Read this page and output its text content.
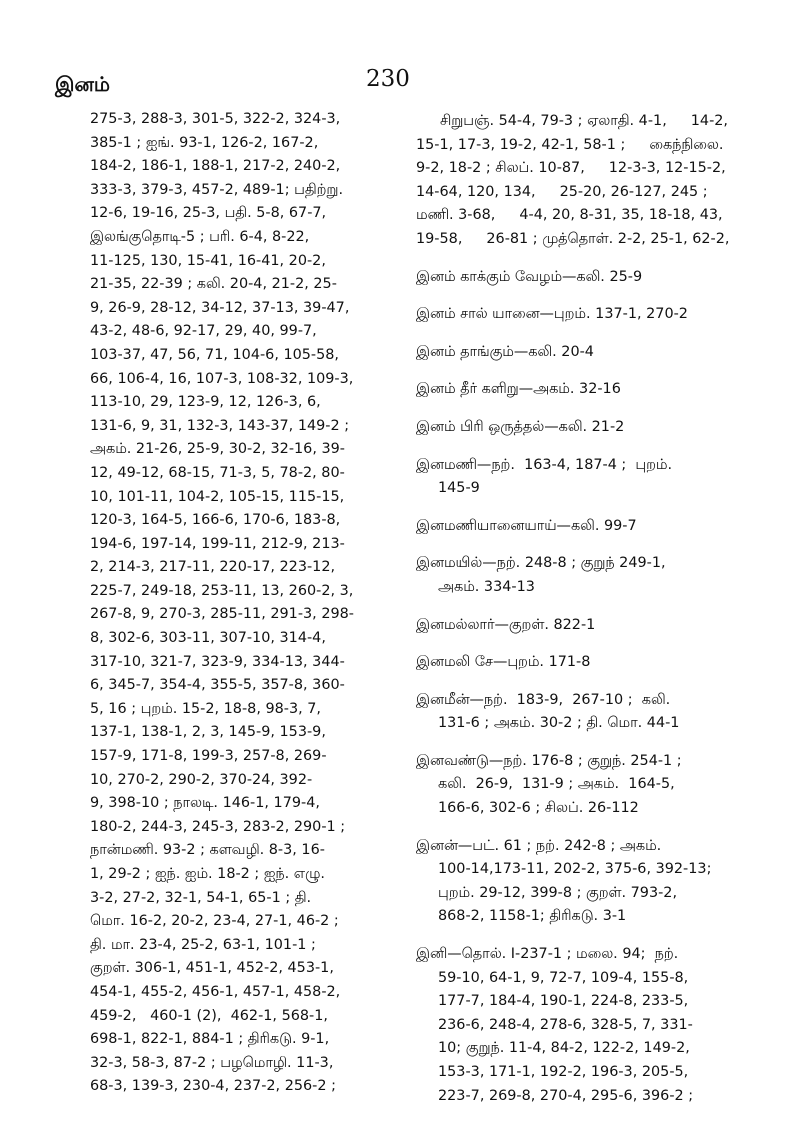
இனம்	230
275-3, 288-3, 301-5, 322-2, 324-3,
385-1 ; ஐங். 93-1, 126-2, 167-2,
184-2, 186-1, 188-1, 217-2, 240-2,
333-3, 379-3, 457-2, 489-1; பதிற்று.
12-6, 19-16, 25-3, பதி. 5-8, 67-7,
இலங்குதொடி-5 ; பரி. 6-4, 8-22,
11-125, 130, 15-41, 16-41, 20-2,
21-35, 22-39 ; கலி. 20-4, 21-2, 25-
9, 26-9, 28-12, 34-12, 37-13, 39-47,
43-2, 48-6, 92-17, 29, 40, 99-7,
103-37, 47, 56, 71, 104-6, 105-58,
66, 106-4, 16, 107-3, 108-32, 109-3,
113-10, 29, 123-9, 12, 126-3, 6,
131-6, 9, 31, 132-3, 143-37, 149-2 ;
அகம். 21-26, 25-9, 30-2, 32-16, 39-
12, 49-12, 68-15, 71-3, 5, 78-2, 80-
10, 101-11, 104-2, 105-15, 115-15,
120-3, 164-5, 166-6, 170-6, 183-8,
194-6, 197-14, 199-11, 212-9, 213-
2, 214-3, 217-11, 220-17, 223-12,
225-7, 249-18, 253-11, 13, 260-2, 3,
267-8, 9, 270-3, 285-11, 291-3, 298-
8, 302-6, 303-11, 307-10, 314-4,
317-10, 321-7, 323-9, 334-13, 344-
6, 345-7, 354-4, 355-5, 357-8, 360-
5, 16 ; புறம். 15-2, 18-8, 98-3, 7,
137-1, 138-1, 2, 3, 145-9, 153-9,
157-9, 171-8, 199-3, 257-8, 269-
10, 270-2, 290-2, 370-24, 392-
9, 398-10 ; நாலடி. 146-1, 179-4,
180-2, 244-3, 245-3, 283-2, 290-1 ;
நான்மணி. 93-2 ; களவழி. 8-3, 16-
1, 29-2 ; ஐந். ஐம். 18-2 ; ஐந். எழு.
3-2, 27-2, 32-1, 54-1, 65-1 ; தி.
மொ. 16-2, 20-2, 23-4, 27-1, 46-2 ;
தி. மா. 23-4, 25-2, 63-1, 101-1 ;
குறள். 306-1, 451-1, 452-2, 453-1,
454-1, 455-2, 456-1, 457-1, 458-2,
459-2,   460-1 (2),  462-1, 568-1,
698-1, 822-1, 884-1 ; திரிகடு. 9-1,
32-3, 58-3, 87-2 ; பழமொழி. 11-3,
68-3, 139-3, 230-4, 237-2, 256-2 ;
சிறுபஞ். 54-4, 79-3 ; ஏலாதி. 4-1, 14-2, 15-1, 17-3, 19-2, 42-1, 58-1 ; கைந்நிலை. 9-2, 18-2 ; சிலப். 10-87, 12-3-3, 12-15-2, 14-64, 120, 134, 25-20, 26-127, 245 ; மணி. 3-68, 4-4, 20, 8-31, 35, 18-18, 43, 19-58, 26-81 ; முத்தொள். 2-2, 25-1, 62-2,
இனம் காக்கும் வேழம்—கலி. 25-9
இனம் சால் யானை—புறம். 137-1, 270-2
இனம் தாங்கும்—கலி. 20-4
இனம் தீர் களிறு—அகம். 32-16
இனம் பிரி ஒருத்தல்—கலி. 21-2
இனமணி—நற்.  163-4, 187-4 ;  புறம்.
145-9
இனமணியானையாய்—கலி. 99-7
இனமயில்—நற். 248-8 ; குறுந் 249-1,
அகம். 334-13
இனமல்லார்—குறள். 822-1
இனமலி சே—புறம். 171-8
இனமீன்—நற்.  183-9,  267-10 ;  கலி.
131-6 ; அகம். 30-2 ; தி. மொ. 44-1
இனவண்டு—நற். 176-8 ; குறுந். 254-1 ;
கலி.  26-9,  131-9 ; அகம்.  164-5,
166-6, 302-6 ; சிலப். 26-112
இனன்—பட். 61 ; நற். 242-8 ; அகம்.
100-14,173-11, 202-2, 375-6, 392-13;
புறம். 29-12, 399-8 ; குறள். 793-2,
868-2, 1158-1; திரிகடு. 3-1
இனி—தொல். I-237-1 ; மலை. 94;  நற்.
59-10, 64-1, 9, 72-7, 109-4, 155-8,
177-7, 184-4, 190-1, 224-8, 233-5,
236-6, 248-4, 278-6, 328-5, 7, 331-
10; குறுந். 11-4, 84-2, 122-2, 149-2,
153-3, 171-1, 192-2, 196-3, 205-5,
223-7, 269-8, 270-4, 295-6, 396-2 ;
